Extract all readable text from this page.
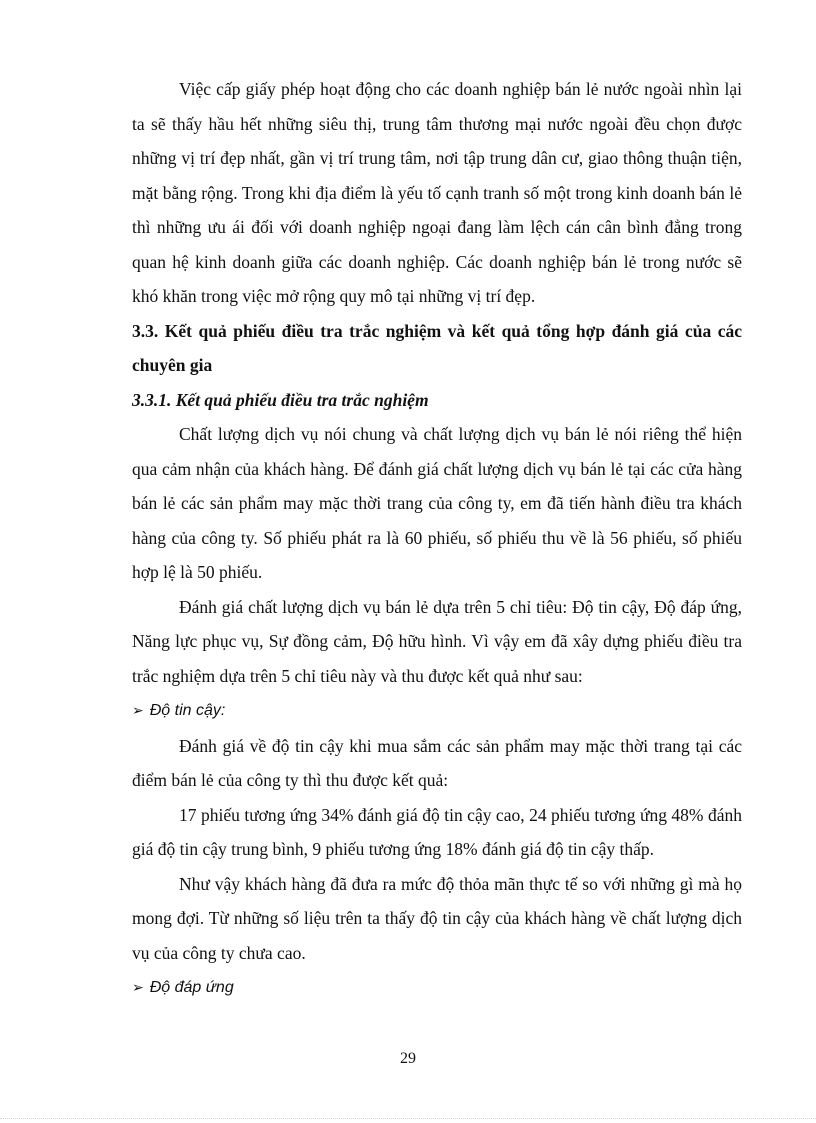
Việc cấp giấy phép hoạt động cho các doanh nghiệp bán lẻ nước ngoài nhìn lại ta sẽ thấy hầu hết những siêu thị, trung tâm thương mại nước ngoài đều chọn được những vị trí đẹp nhất, gần vị trí trung tâm, nơi tập trung dân cư, giao thông thuận tiện, mặt bằng rộng. Trong khi địa điểm là yếu tố cạnh tranh số một trong kinh doanh bán lẻ thì những ưu ái đối với doanh nghiệp ngoại đang làm lệch cán cân bình đẳng trong quan hệ kinh doanh giữa các doanh nghiệp. Các doanh nghiệp bán lẻ trong nước sẽ khó khăn trong việc mở rộng quy mô tại những vị trí đẹp.

3.3. Kết quả phiếu điều tra trắc nghiệm và kết quả tổng hợp đánh giá của các chuyên gia
3.3.1. Kết quả phiếu điều tra trắc nghiệm

Chất lượng dịch vụ nói chung và chất lượng dịch vụ bán lẻ nói riêng thể hiện qua cảm nhận của khách hàng. Để đánh giá chất lượng dịch vụ bán lẻ tại các cửa hàng bán lẻ các sản phẩm may mặc thời trang của công ty, em đã tiến hành điều tra khách hàng của công ty. Số phiếu phát ra là 60 phiếu, số phiếu thu về là 56 phiếu, số phiếu hợp lệ là 50 phiếu.

Đánh giá chất lượng dịch vụ bán lẻ dựa trên 5 chỉ tiêu: Độ tin cậy, Độ đáp ứng, Năng lực phục vụ, Sự đồng cảm, Độ hữu hình. Vì vậy em đã xây dựng phiếu điều tra trắc nghiệm dựa trên 5 chỉ tiêu này và thu được kết quả như sau:

➢ Độ tin cậy:

Đánh giá về độ tin cậy khi mua sắm các sản phẩm may mặc thời trang tại các điểm bán lẻ của công ty thì thu được kết quả:

17 phiếu tương ứng 34% đánh giá độ tin cậy cao, 24 phiếu tương ứng 48% đánh giá độ tin cậy trung bình, 9 phiếu tương ứng 18% đánh giá độ tin cậy thấp.

Như vậy khách hàng đã đưa ra mức độ thỏa mãn thực tế so với những gì mà họ mong đợi. Từ những số liệu trên ta thấy độ tin cậy của khách hàng về chất lượng dịch vụ của công ty chưa cao.

➢ Độ đáp ứng
29
